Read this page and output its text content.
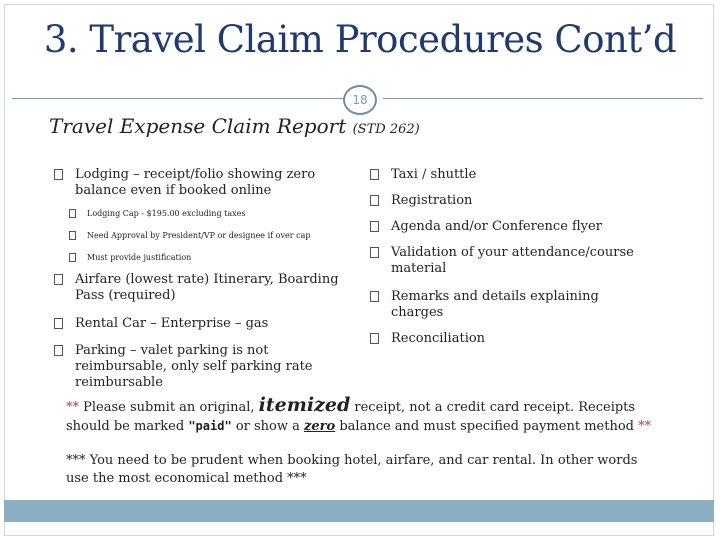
3. Travel Claim Procedures Cont’d
18
Travel Expense Claim Report (STD 262)
Lodging – receipt/folio showing zero balance even if booked online
Lodging Cap - $195.00 excluding taxes
Need Approval by President/VP or designee if over cap
Must provide justification
Airfare (lowest rate) Itinerary, Boarding Pass (required)
Rental Car – Enterprise – gas
Parking – valet parking is not reimbursable, only self parking rate reimbursable
Taxi / shuttle
Registration
Agenda and/or Conference flyer
Validation of your attendance/course material
Remarks and details explaining charges
Reconciliation
** Please submit an original, itemized receipt, not a credit card receipt. Receipts should be marked "paid" or show a zero balance and must specified payment method **
*** You need to be prudent when booking hotel, airfare, and car rental. In other words use the most economical method ***
